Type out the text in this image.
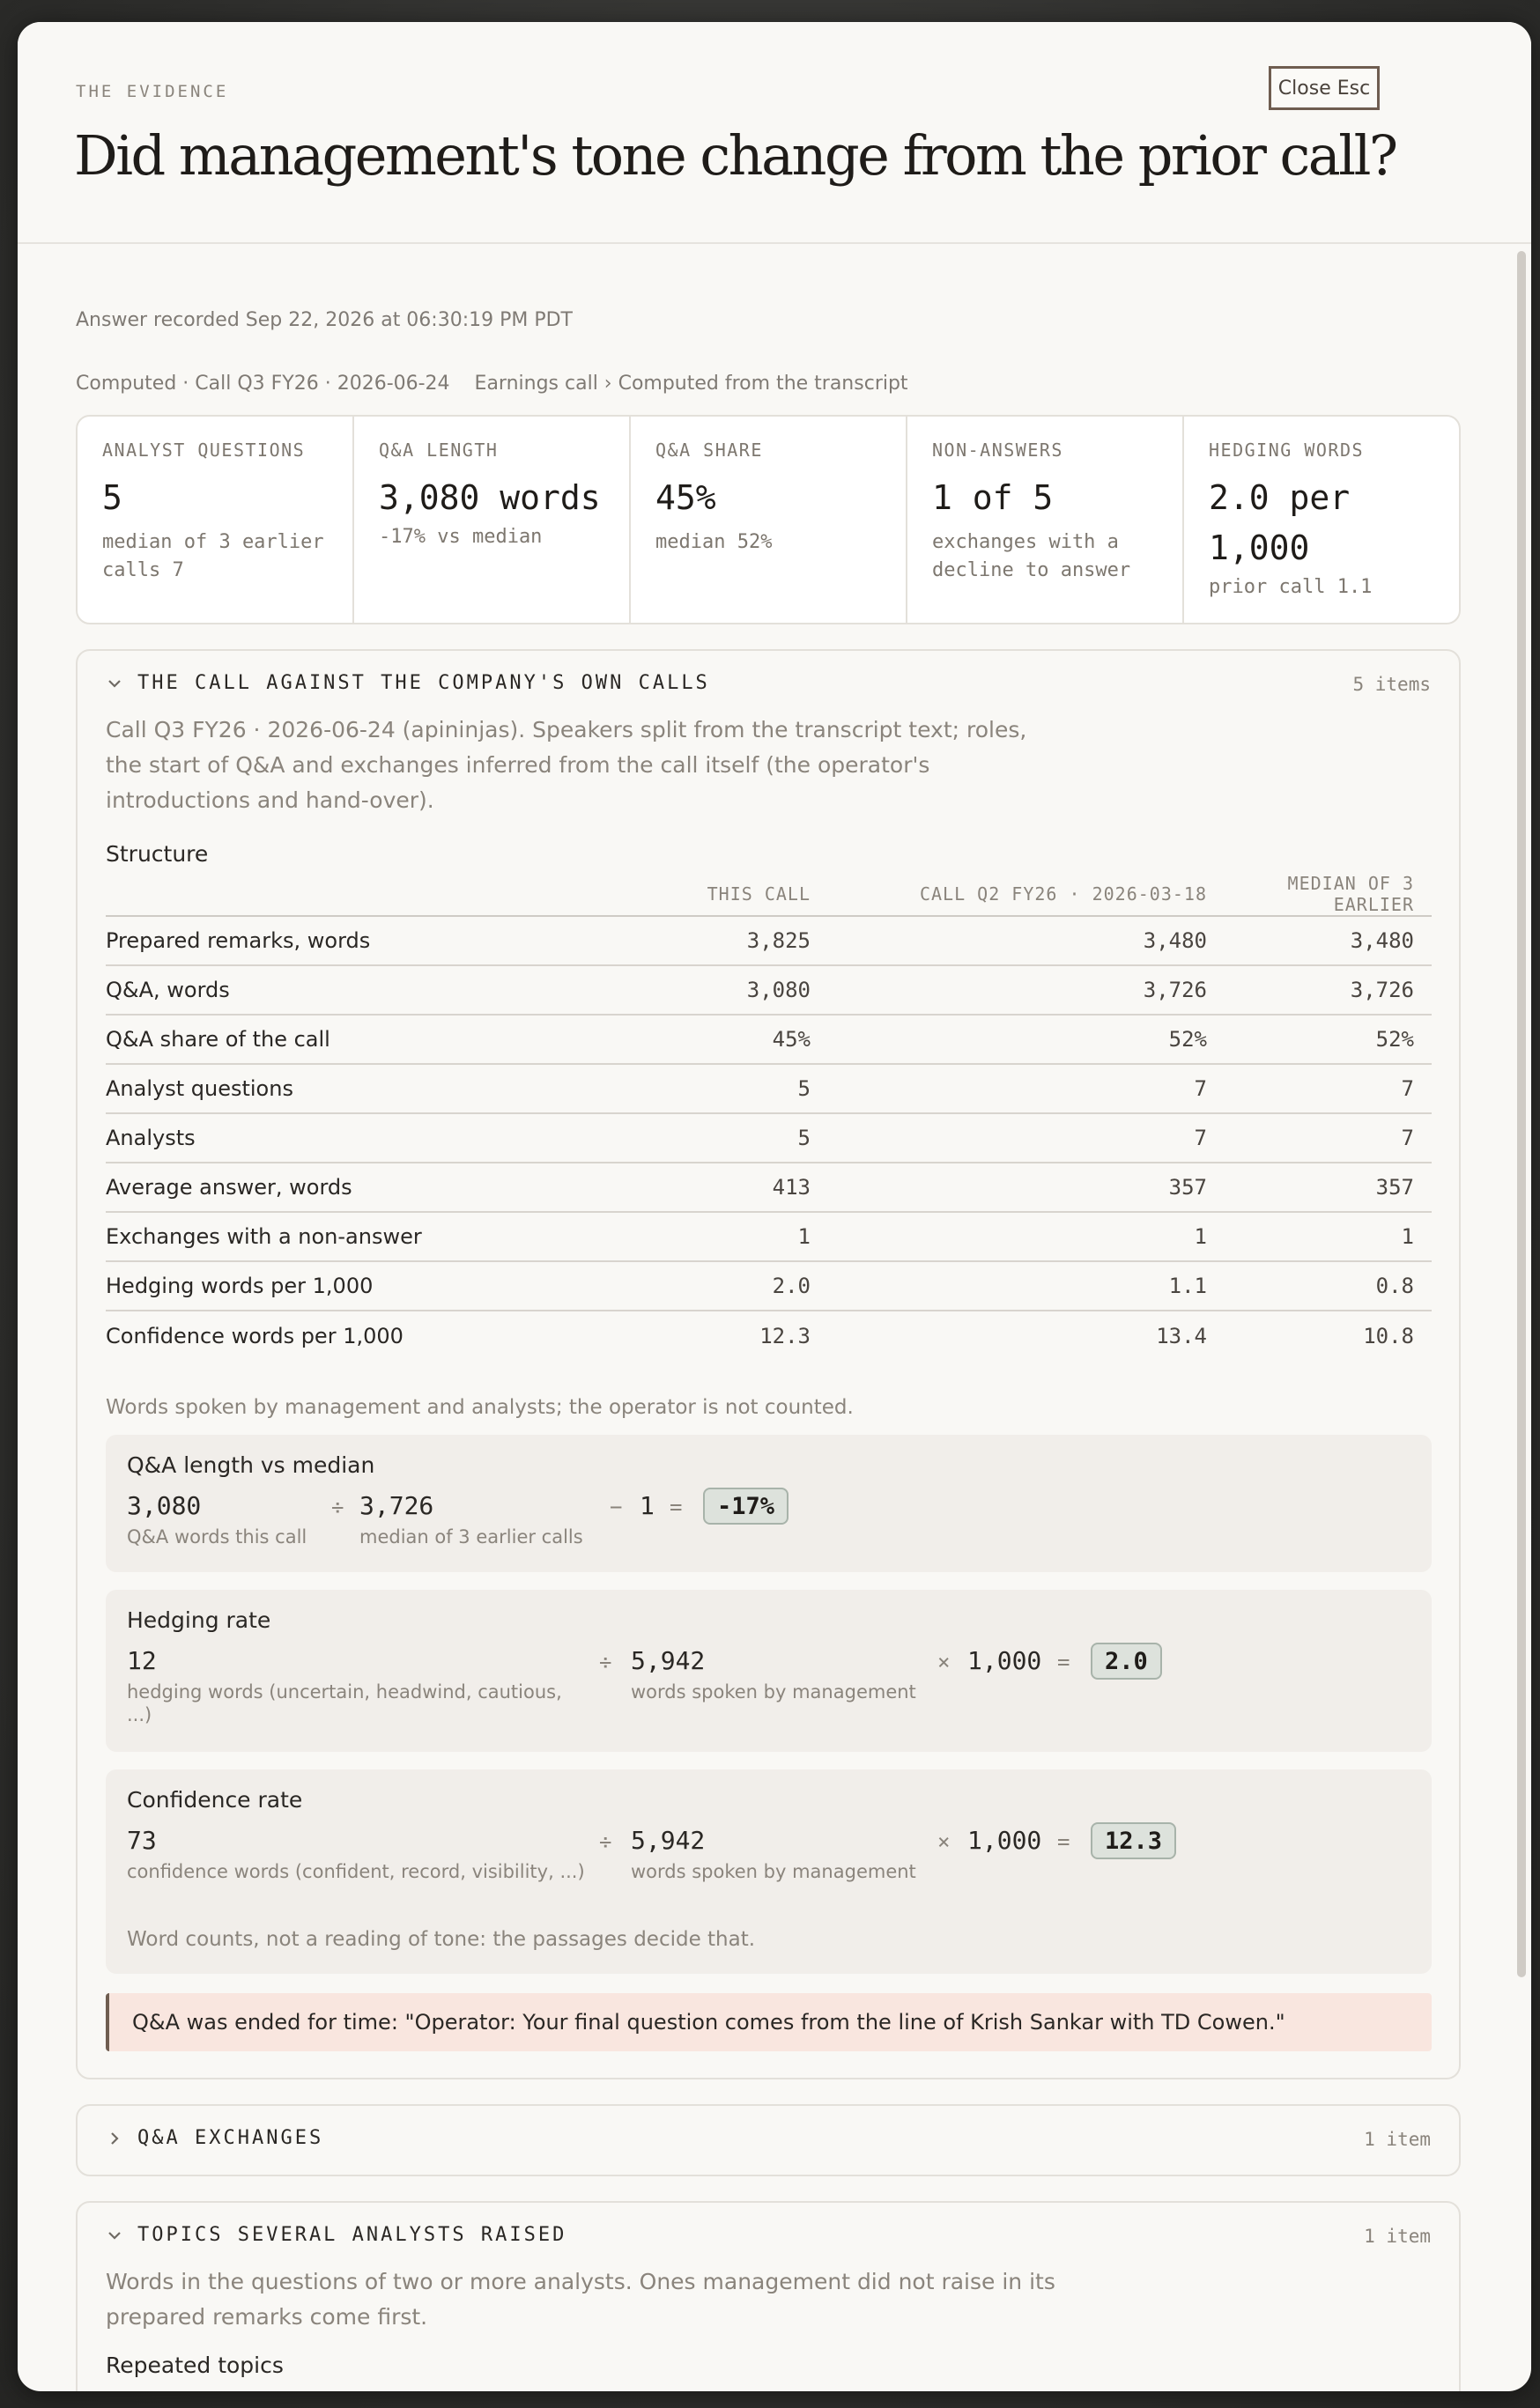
THE EVIDENCE
Did management's tone change from the prior call?
Close Esc
Answer recorded Sep 22, 2026 at 06:30:19 PM PDT
Computed · Call Q3 FY26 · 2026-06-24 Earnings call › Computed from the transcript
ANALYST QUESTIONS
5
median of 3 earlier calls 7
Q&A LENGTH
3,080 words
-17% vs median
Q&A SHARE
45%
median 52%
NON-ANSWERS
1 of 5
exchanges with a decline to answer
HEDGING WORDS
2.0 per 1,000
prior call 1.1
THE CALL AGAINST THE COMPANY'S OWN CALLS	5 items
Call Q3 FY26 · 2026-06-24 (apininjas). Speakers split from the transcript text; roles, the start of Q&A and exchanges inferred from the call itself (the operator's introductions and hand-over).
Structure
	THIS CALL	CALL Q2 FY26 · 2026-03-18	MEDIAN OF 3 EARLIER
Prepared remarks, words	3,825	3,480	3,480
Q&A, words	3,080	3,726	3,726
Q&A share of the call	45%	52%	52%
Analyst questions	5	7	7
Analysts	5	7	7
Average answer, words	413	357	357
Exchanges with a non-answer	1	1	1
Hedging words per 1,000	2.0	1.1	0.8
Confidence words per 1,000	12.3	13.4	10.8
Words spoken by management and analysts; the operator is not counted.
Q&A length vs median
3,080
Q&A words this call
÷ 3,726
median of 3 earlier calls
− 1 =	-17%
Hedging rate
12
hedging words (uncertain, headwind, cautious, ...)
÷ 5,942
words spoken by management
× 1,000 =	2.0
Confidence rate
73
confidence words (confident, record, visibility, ...)
÷ 5,942
words spoken by management
× 1,000 =	12.3
Word counts, not a reading of tone: the passages decide that.
Q&A was ended for time: "Operator: Your final question comes from the line of Krish Sankar with TD Cowen."
Q&A EXCHANGES	1 item
TOPICS SEVERAL ANALYSTS RAISED	1 item
Words in the questions of two or more analysts. Ones management did not raise in its prepared remarks come first.
Repeated topics
